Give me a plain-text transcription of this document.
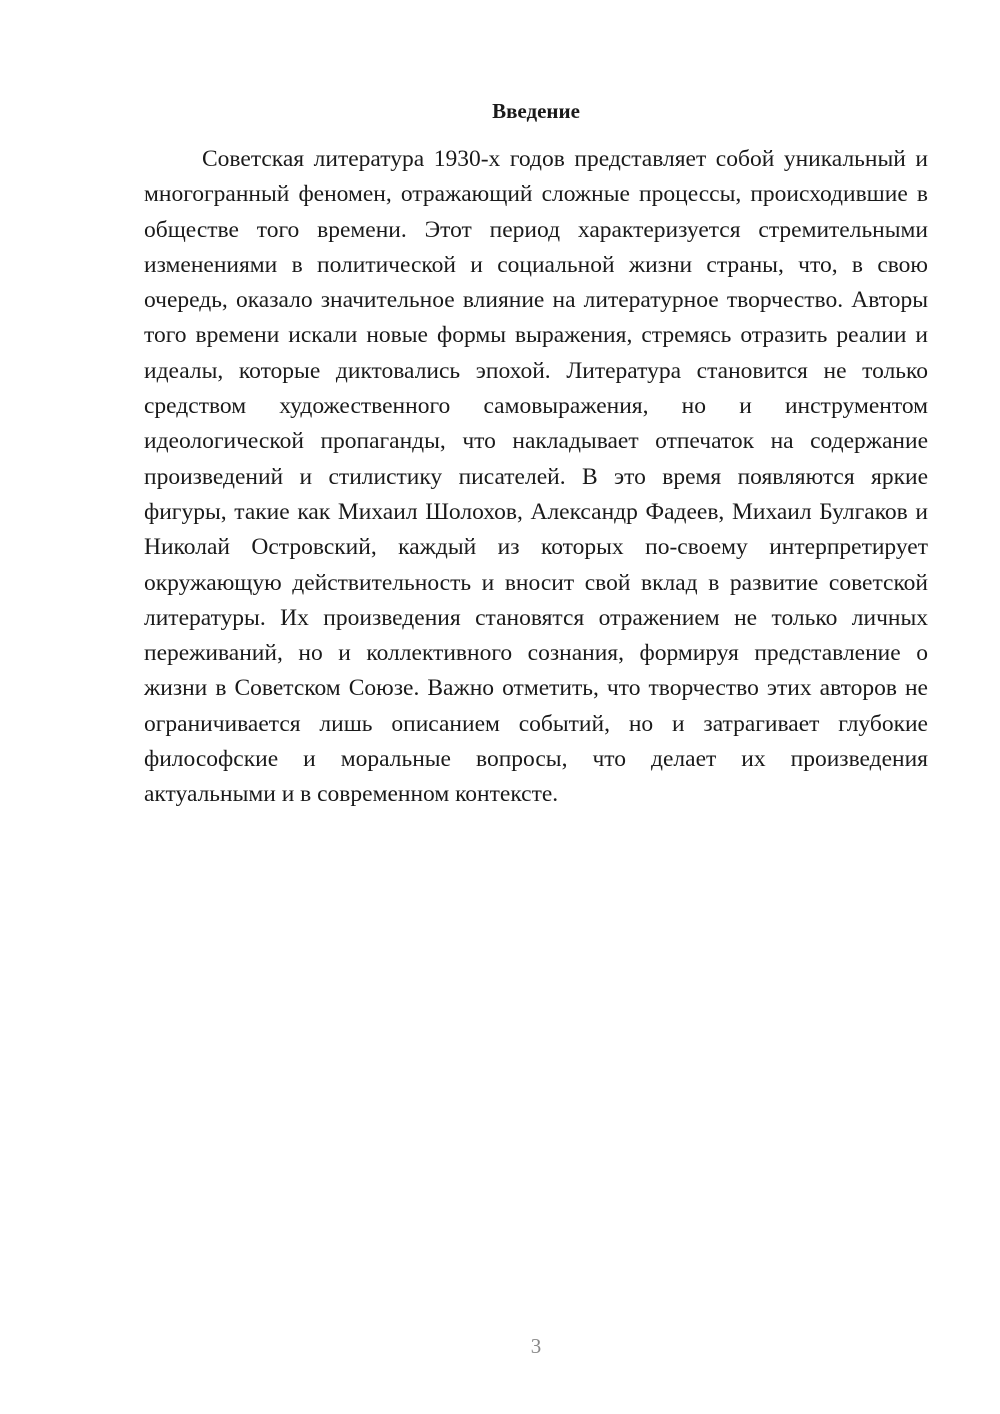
Введение

Советская литература 1930-х годов представляет собой уникальный и многогранный феномен, отражающий сложные процессы, происходившие в обществе того времени. Этот период характеризуется стремительными изменениями в политической и социальной жизни страны, что, в свою очередь, оказало значительное влияние на литературное творчество. Авторы того времени искали новые формы выражения, стремясь отразить реалии и идеалы, которые диктовались эпохой. Литература становится не только средством художественного самовыражения, но и инструментом идеологической пропаганды, что накладывает отпечаток на содержание произведений и стилистику писателей. В это время появляются яркие фигуры, такие как Михаил Шолохов, Александр Фадеев, Михаил Булгаков и Николай Островский, каждый из которых по-своему интерпретирует окружающую действительность и вносит свой вклад в развитие советской литературы. Их произведения становятся отражением не только личных переживаний, но и коллективного сознания, формируя представление о жизни в Советском Союзе. Важно отметить, что творчество этих авторов не ограничивается лишь описанием событий, но и затрагивает глубокие философские и моральные вопросы, что делает их произведения актуальными и в современном контексте.

3
